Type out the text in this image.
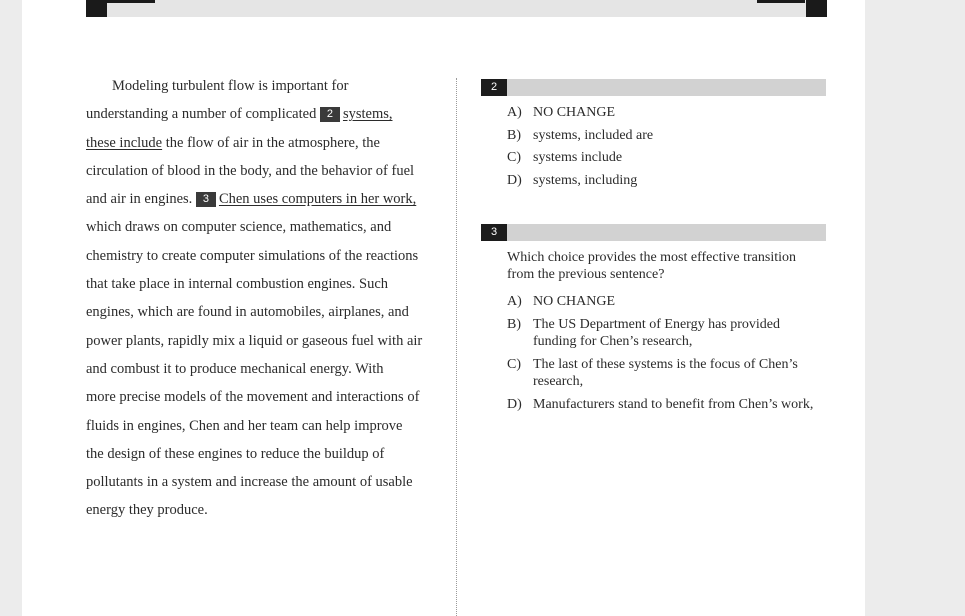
Modeling turbulent flow is important for
understanding a number of complicated 2 systems,
these include the flow of air in the atmosphere, the
circulation of blood in the body, and the behavior of fuel
and air in engines. 3 Chen uses computers in her work,
which draws on computer science, mathematics, and
chemistry to create computer simulations of the reactions
that take place in internal combustion engines. Such
engines, which are found in automobiles, airplanes, and
power plants, rapidly mix a liquid or gaseous fuel with air
and combust it to produce mechanical energy. With
more precise models of the movement and interactions of
fluids in engines, Chen and her team can help improve
the design of these engines to reduce the buildup of
pollutants in a system and increase the amount of usable
energy they produce.
2
A) NO CHANGE
B) systems, included are
C) systems include
D) systems, including
3
Which choice provides the most effective transition from the previous sentence?
A) NO CHANGE
B) The US Department of Energy has provided funding for Chen’s research,
C) The last of these systems is the focus of Chen’s research,
D) Manufacturers stand to benefit from Chen’s work,
